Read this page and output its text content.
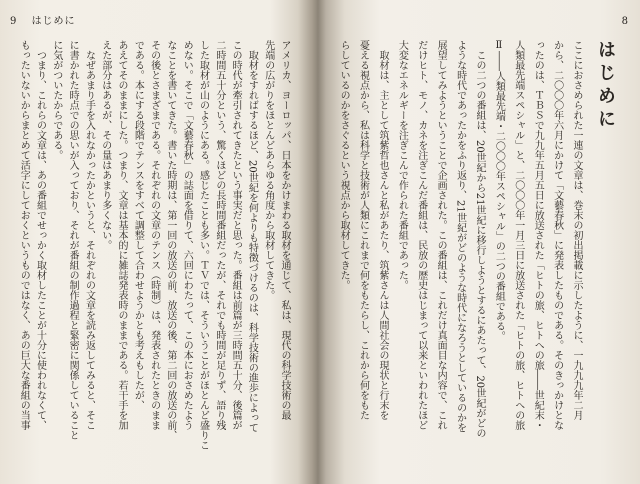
9 はじめに
アメリカ、ヨーロッパ、日本をかけまわる取材を通じて、私は、現代の科学技術の最
先端の広がりをほとんどあらゆる角度から取材してきた。
　取材をすればするほど、20世紀を何よりも特徴づけるのは、科学技術の進歩によって
この時代が牽引されてきたという事実だと思った。番組は前篇が三時間五十分、後篇が
二時間五十分という、驚くほどの長時間番組だったが、それでも時間が足りず、語り残
した取材が山のようにある。感じたことも多い。ＴＶでは、そういうことがほとんど盛りこ
めない。そこで「文藝春秋」の誌面を借りて、六回にわたって、この本におさめたよう
なことを書いてきた。書いた時期は、第一回の放送の前、放送の後、第二回の放送の前、
その後とさまざまである。それぞれの文章のテンス（時制）は、発表されたときのまま
である。本にする段階でテンスをすべて調整して合わせようかとも考えもしたが、
あえてそのままにした。つまり、文章は基本的に雑誌発表時のままである。若干手を加
えた部分はあるが、その量はあまり多くない。
　なぜあまり手を入れなかったかというと、それぞれの文章を読み返してみると、そこ
に書かれた時点での思いが入っており、それが番組の制作過程と緊密に関係していること
に気がついたからである。
　つまり、これらの文章は、あの番組でせっかく取材したことが十分に使われなくて、
もったいないからまとめて活字にしておくというものではなく、あの巨大な番組の当事
8
はじめに
ここにおさめられた一連の文章は、巻末の初出掲載に示したように、一九九九年二月
から、二〇〇〇年六月にかけて「文藝春秋」に発表したものである。そのきっかけとな
ったのは、ＴＢＳで九九年五月五日に放送された「ヒトの旅、ヒトへの旅――世紀末・
人類最先端スペシャル」と、二〇〇〇年一月三日に放送された「ヒトの旅、ヒトへの旅
Ⅱ――人類最先端・二〇〇〇年スペシャル」の二つの番組である。
　この二つの番組は、20世紀から21世紀に移行しようとするにあたって、20世紀がどの
ような時代であったかをふり返り、21世紀がどのような時代になろうとしているのかを
展望してみようということで企画された。この番組は、これだけ真面目な内容で、これ
だけヒト、モノ、カネを注ぎこんだ番組は、民放の歴史はじまって以来といわれたほど
大変なエネルギーを注ぎこんで作られた番組であった。
　取材は、主として筑紫哲也さんと私があたり、筑紫さんは人間社会の現状と行末を
憂える視点から、私は科学と技術が人類にこれまで何をもたらし、これから何をもた
らしているのかをさぐるという視点から取材してきた。
